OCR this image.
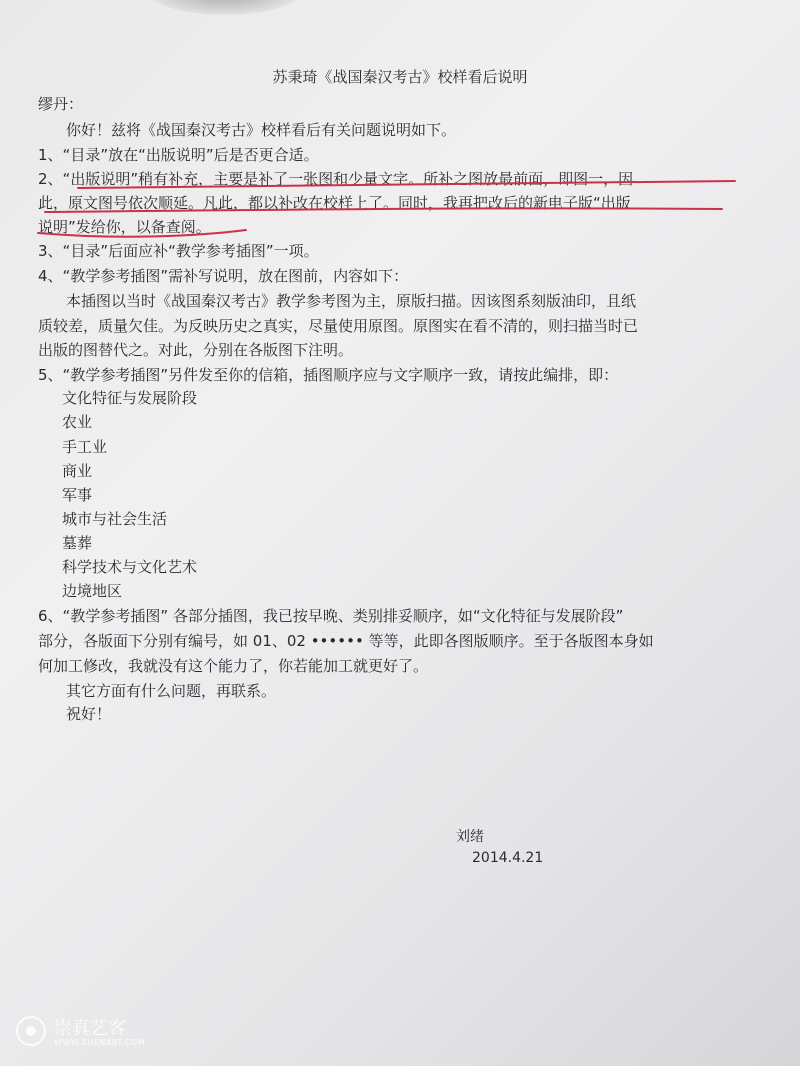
苏秉琦《战国秦汉考古》校样看后说明
缪丹：
你好！兹将《战国秦汉考古》校样看后有关问题说明如下。
1、“目录”放在“出版说明”后是否更合适。
2、“出版说明”稍有补充，主要是补了一张图和少量文字。所补之图放最前面，即图一，因
此，原文图号依次顺延。凡此，都以补改在校样上了。同时，我再把改后的新电子版“出版
说明”发给你，以备查阅。
3、“目录”后面应补“教学参考插图”一项。
4、“教学参考插图”需补写说明，放在图前，内容如下：
本插图以当时《战国秦汉考古》教学参考图为主，原版扫描。因该图系刻版油印，且纸
质较差，质量欠佳。为反映历史之真实，尽量使用原图。原图实在看不清的，则扫描当时已
出版的图替代之。对此，分别在各版图下注明。
5、“教学参考插图”另件发至你的信箱，插图顺序应与文字顺序一致，请按此编排，即：
文化特征与发展阶段
农业
手工业
商业
军事
城市与社会生活
墓葬
科学技术与文化艺术
边境地区
6、“教学参考插图” 各部分插图，我已按早晚、类别排妥顺序，如“文化特征与发展阶段”
部分，各版面下分别有编号，如 01、02 •••••• 等等，此即各图版顺序。至于各版图本身如
何加工修改，我就没有这个能力了，你若能加工就更好了。
其它方面有什么问题，再联系。
祝好！
刘绪
2014.4.21
崇真艺客
WWW.ZHENART.COM
